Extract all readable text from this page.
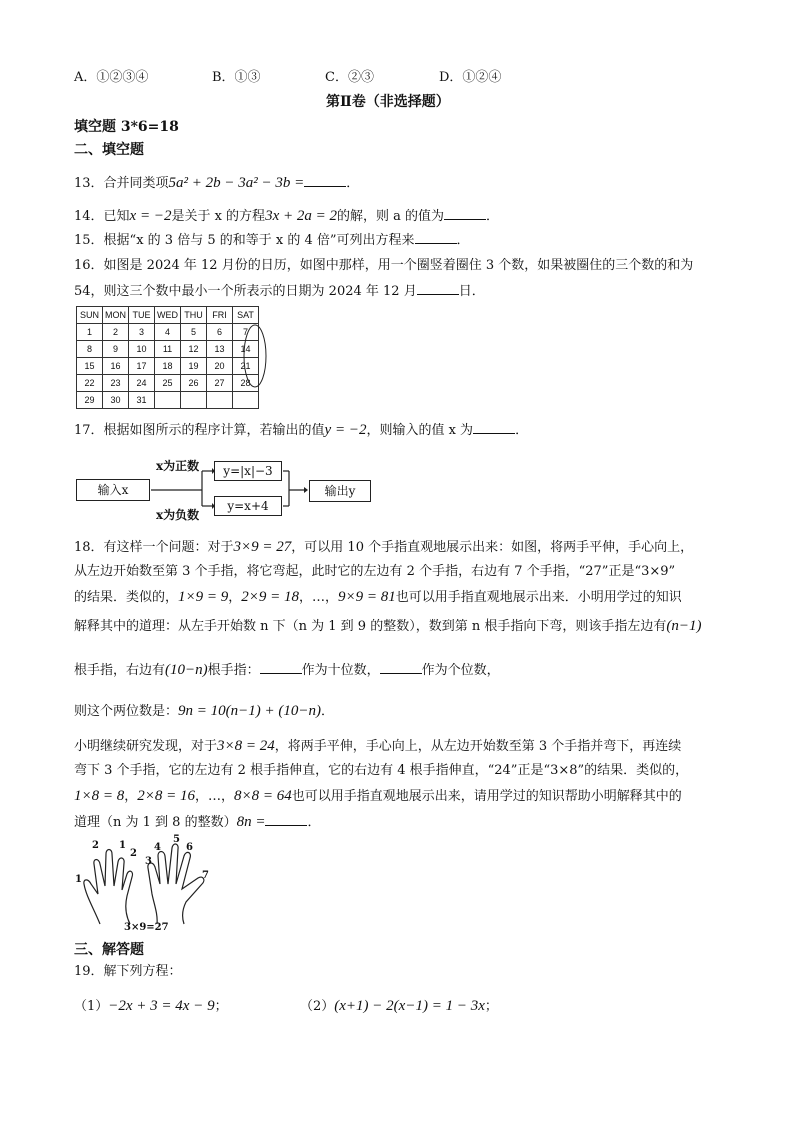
A．①②③④	B．①③	C．②③	D．①②④
第Ⅱ卷（非选择题）
填空题 3*6=18
二、填空题
13．合并同类项5a² + 2b − 3a² − 3b =	．
14．已知x = −2是关于 x 的方程3x + 2a = 2的解，则 a 的值为	．
15．根据“x 的 3 倍与 5 的和等于 x 的 4 倍”可列出方程来	．
16．如图是 2024 年 12 月份的日历，如图中那样，用一个圈竖着圈住 3 个数，如果被圈住的三个数的和为
54，则这三个数中最小一个所表示的日期为 2024 年 12 月	日．
SUN	MON	TUE	WED	THU	FRI	SAT
1	2	3	4	5	6	7
8	9	10	11	12	13	14
15	16	17	18	19	20	21
22	23	24	25	26	27	28
29	30	31				
17．根据如图所示的程序计算，若输出的值y = −2，则输入的值 x 为	．
输入x
x为正数
x为负数
y=|x|−3
y=x+4
输出y
18．有这样一个问题：对于3×9 = 27，可以用 10 个手指直观地展示出来：如图，将两手平伸，手心向上，
从左边开始数至第 3 个手指，将它弯起，此时它的左边有 2 个手指，右边有 7 个手指，“27”正是“3×9”
的结果．类似的，1×9 = 9，2×9 = 18，…，9×9 = 81也可以用手指直观地展示出来．小明用学过的知识
解释其中的道理：从左手开始数 n 下（n 为 1 到 9 的整数），数到第 n 根手指向下弯，则该手指左边有(n−1)
根手指，右边有(10−n)根手指：	作为十位数，	作为个位数，
则这个两位数是：9n = 10(n−1) + (10−n)．
小明继续研究发现，对于3×8 = 24，将两手平伸，手心向上，从左边开始数至第 3 个手指并弯下，再连续
弯下 3 个手指，它的左边有 2 根手指伸直，它的右边有 4 根手指伸直，“24”正是“3×8”的结果．类似的，
1×8 = 8，2×8 = 16，…，8×8 = 64也可以用手指直观地展示出来，请用学过的知识帮助小明解释其中的
道理（n 为 1 到 8 的整数）8n =	．
1
2 1
2
3
4
5
6
7
3×9=27
三、解答题
19．解下列方程：
（1）−2x + 3 = 4x − 9；	（2）(x+1) − 2(x−1) = 1 − 3x；
